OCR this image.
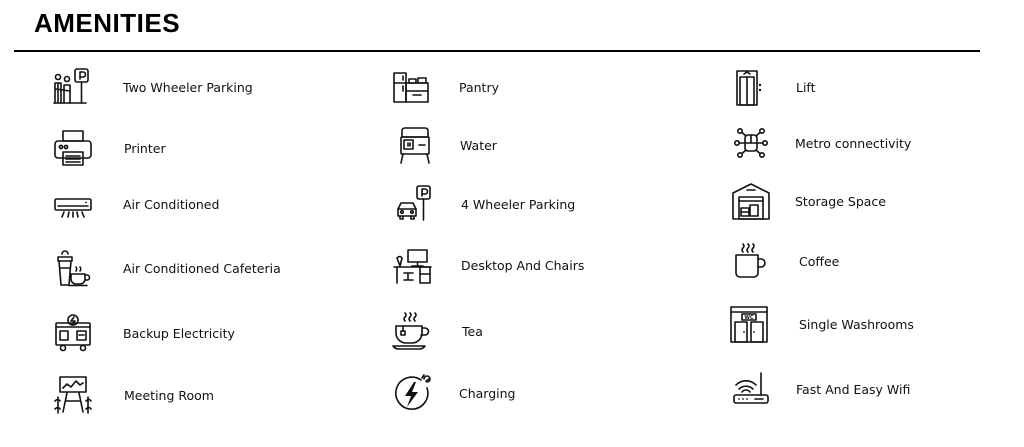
AMENITIES
Two Wheeler Parking
Printer
Air Conditioned
Air Conditioned Cafeteria
Backup Electricity
Meeting Room
Pantry
Water
4 Wheeler Parking
Desktop And Chairs
Tea
Charging
Lift
Metro connectivity
Storage Space
Coffee
WC	Single Washrooms
Fast And Easy Wifi
